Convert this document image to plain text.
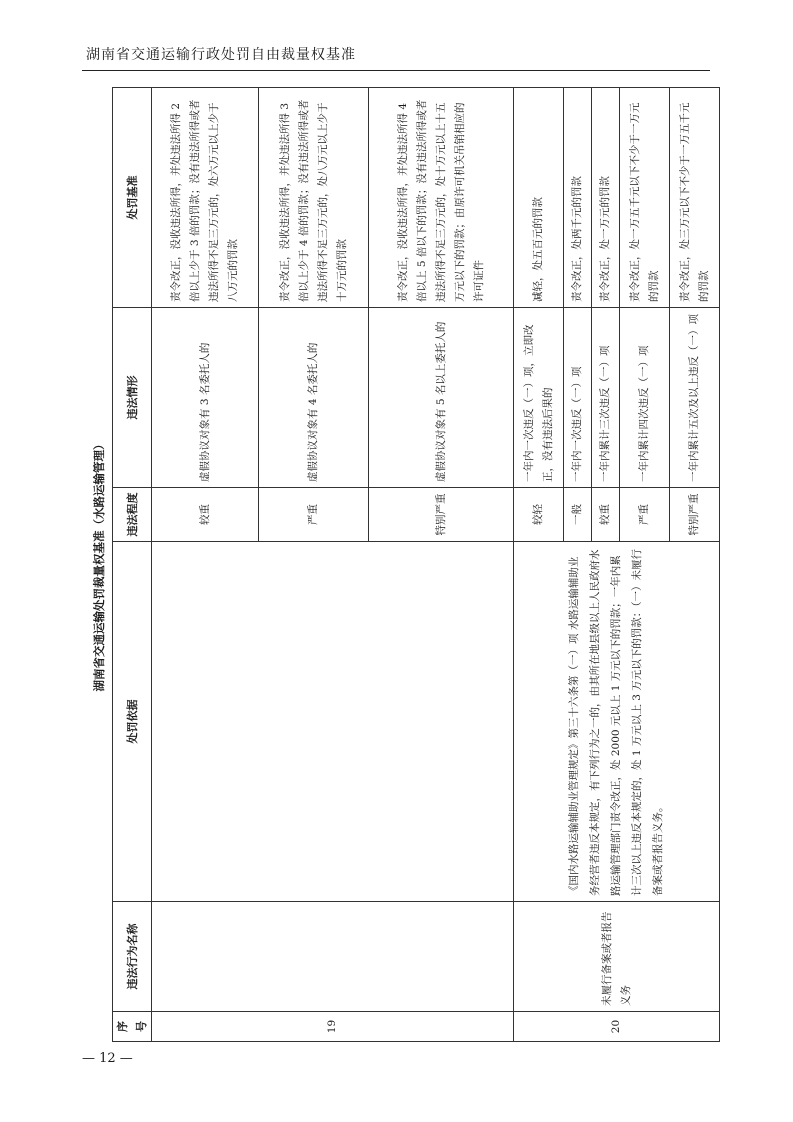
湖南省交通运输行政处罚自由裁量权基准
湖南省交通运输处罚裁量权基准（水路运输管理）
序号	违法行为名称	处罚依据	违法程度	违法情形	处罚基准
19			较重	虚假协议对象有 3 名委托人的	责令改正，没收违法所得，并处违法所得 2 倍以上少于 3 倍的罚款；没有违法所得或者违法所得不足三万元的，处六万元以上少于八万元的罚款
			严重	虚假协议对象有 4 名委托人的	责令改正，没收违法所得，并处违法所得 3 倍以上少于 4 倍的罚款；没有违法所得或者违法所得不足三万元的，处八万元以上少于十万元的罚款
			特别严重	虚假协议对象有 5 名以上委托人的	责令改正，没收违法所得，并处违法所得 4 倍以上 5 倍以下的罚款；没有违法所得或者违法所得不足三万元的，处十万元以上十五万元以下的罚款；由原许可机关吊销相应的许可证件
20	未履行备案或者报告义务	《国内水路运输辅助业管理规定》第三十六条第（一）项 水路运输辅助业务经营者违反本规定，有下列行为之一的，由其所在地县级以上人民政府水路运输管理部门责令改正，处 2000 元以上 1 万元以下的罚款；一年内累计三次以上违反本规定的，处 1 万元以上 3 万元以下的罚款：（一）未履行备案或者报告义务。	较轻	一年内一次违反（一）项，立即改正，没有违法后果的	减轻，处五百元的罚款
			一般	一年内一次违反（一）项	责令改正，处两千元的罚款
			较重	一年内累计三次违反（一）项	责令改正，处一万元的罚款
			严重	一年内累计四次违反（一）项	责令改正，处一万五千元以下不少于一万元的罚款
			特别严重	一年内累计五次及以上违反（一）项	责令改正，处三万元以下不少于一万五千元的罚款
— 12 —
